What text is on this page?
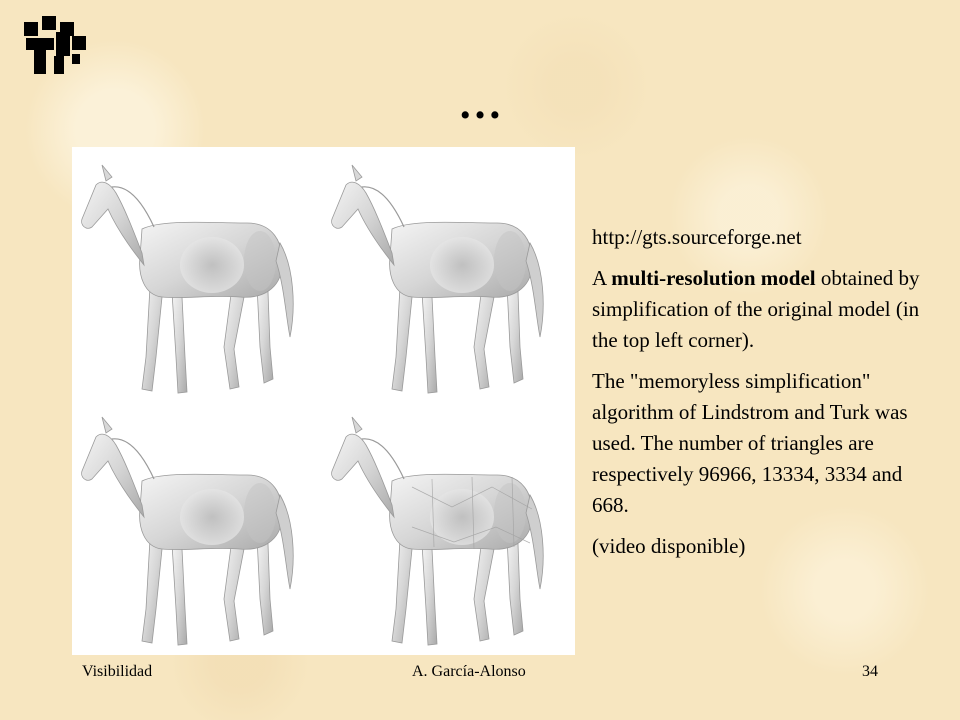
…

http://gts.sourceforge.net

A multi-resolution model obtained by simplification of the original model (in the top left corner).

The "memoryless simplification" algorithm of Lindstrom and Turk was used. The number of triangles are respectively 96966, 13334, 3334 and 668.

(video disponible)

Visibilidad	A. García-Alonso	34
